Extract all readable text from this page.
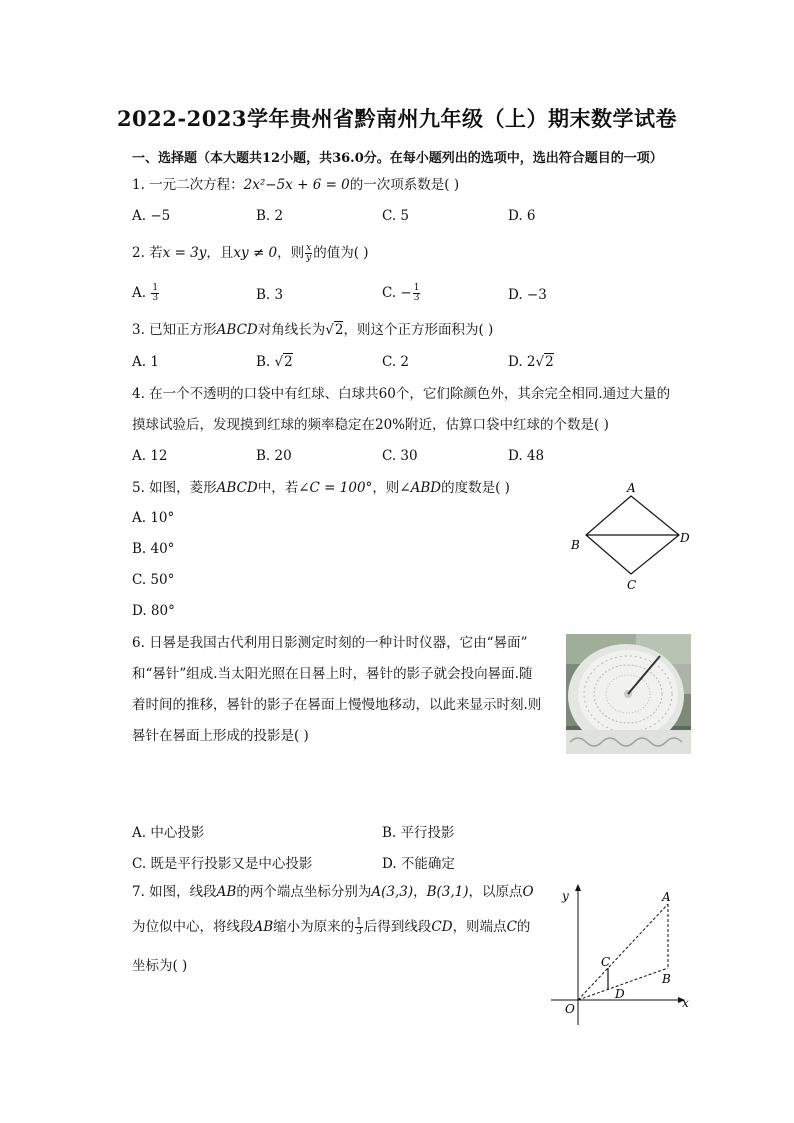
2022-2023学年贵州省黔南州九年级（上）期末数学试卷
一、选择题（本大题共12小题，共36.0分。在每小题列出的选项中，选出符合题目的一项）
1. 一元二次方程：2x²−5x + 6 = 0的一次项系数是( )
A. −5	B. 2	C. 5	D. 6
2. 若x = 3y，且xy ≠ 0，则 $\frac{x}{y}$ 的值为( )
A. $\frac{1}{3}$	B. 3	C. − $\frac{1}{3}$	D. −3
3. 已知正方形ABCD对角线长为√2，则这个正方形面积为( )
A. 1	B. √2	C. 2	D. 2√2
4. 在一个不透明的口袋中有红球、白球共60个，它们除颜色外，其余完全相同.通过大量的
摸球试验后，发现摸到红球的频率稳定在20%附近，估算口袋中红球的个数是( )
A. 12	B. 20	C. 30	D. 48
5. 如图，菱形ABCD中，若∠C = 100°，则∠ABD的度数是( )
A. 10°
B. 40°
C. 50°
D. 80°
A
B
C
D
6. 日晷是我国古代利用日影测定时刻的一种计时仪器，它由“晷面”
和“晷针”组成.当太阳光照在日晷上时，晷针的影子就会投向晷面.随
着时间的推移，晷针的影子在晷面上慢慢地移动，以此来显示时刻.则
晷针在晷面上形成的投影是( )
A. 中心投影	B. 平行投影
C. 既是平行投影又是中心投影	D. 不能确定
7. 如图，线段AB的两个端点坐标分别为A(3,3)，B(3,1)，以原点O
为位似中心，将线段AB缩小为原来的 $\frac{1}{3}$ 后得到线段CD，则端点C的
坐标为( )
y
x
O
A
B
C
D
